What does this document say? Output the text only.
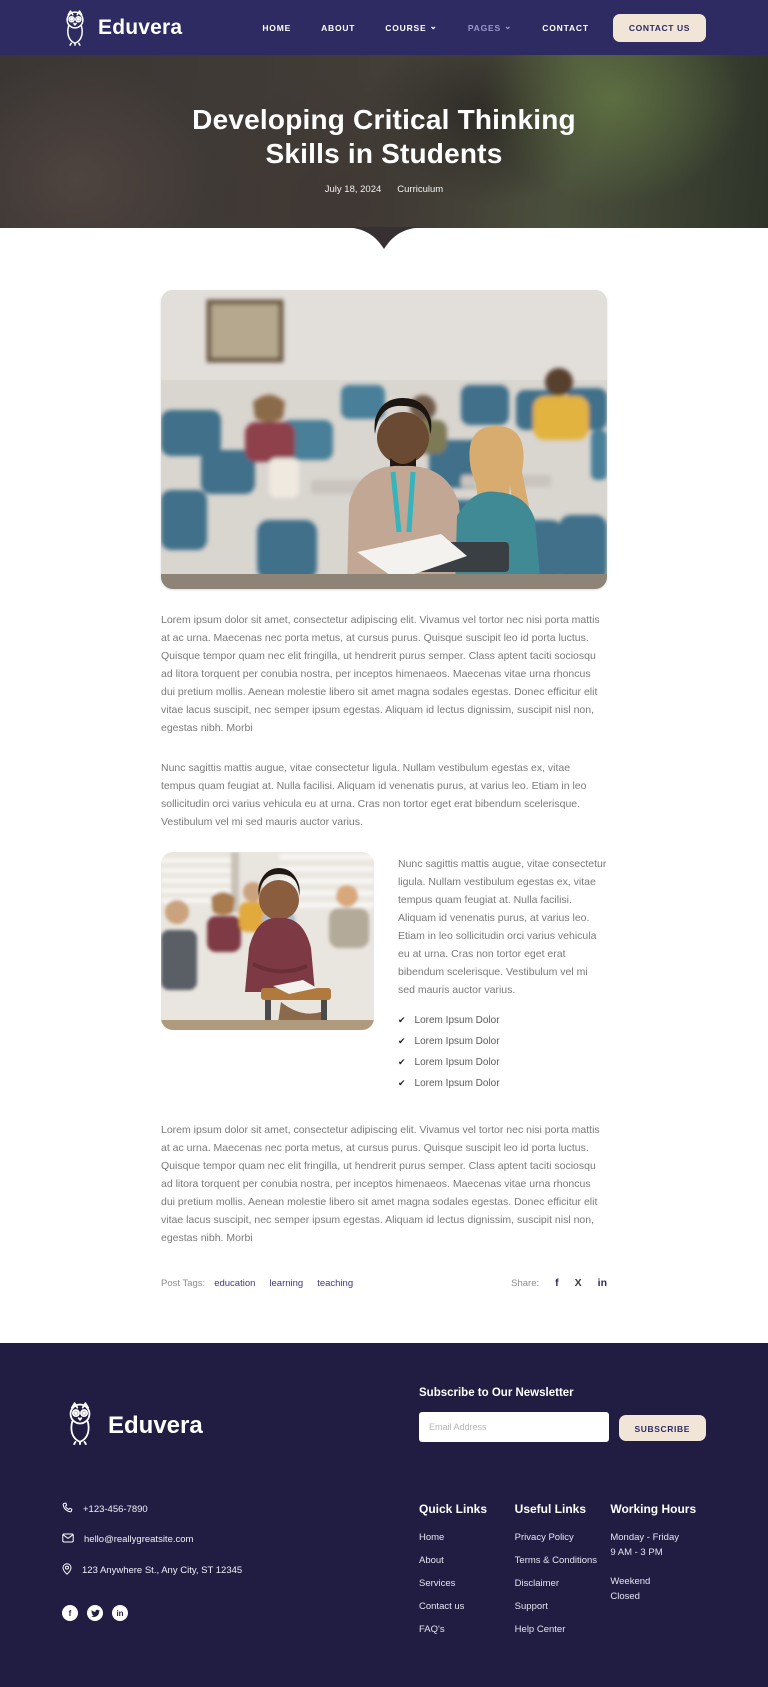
Eduvera	HOME	ABOUT	COURSE ⌄	PAGES ⌄	CONTACT	CONTACT US
Developing Critical Thinking
Skills in Students
July 18, 2024 Curriculum

Lorem ipsum dolor sit amet, consectetur adipiscing elit. Vivamus vel tortor nec nisi porta mattis at ac urna. Maecenas nec porta metus, at cursus purus. Quisque suscipit leo id porta luctus. Quisque tempor quam nec elit fringilla, ut hendrerit purus semper. Class aptent taciti sociosqu ad litora torquent per conubia nostra, per inceptos himenaeos. Maecenas vitae urna rhoncus dui pretium mollis. Aenean molestie libero sit amet magna sodales egestas. Donec efficitur elit vitae lacus suscipit, nec semper ipsum egestas. Aliquam id lectus dignissim, suscipit nisl non, egestas nibh. Morbi

Nunc sagittis mattis augue, vitae consectetur ligula. Nullam vestibulum egestas ex, vitae tempus quam feugiat at. Nulla facilisi. Aliquam id venenatis purus, at varius leo. Etiam in leo sollicitudin orci varius vehicula eu at urna. Cras non tortor eget erat bibendum scelerisque. Vestibulum vel mi sed mauris auctor varius.

Nunc sagittis mattis augue, vitae consectetur ligula. Nullam vestibulum egestas ex, vitae tempus quam feugiat at. Nulla facilisi. Aliquam id venenatis purus, at varius leo. Etiam in leo sollicitudin orci varius vehicula eu at urna. Cras non tortor eget erat bibendum scelerisque. Vestibulum vel mi sed mauris auctor varius.

✔ Lorem Ipsum Dolor
✔ Lorem Ipsum Dolor
✔ Lorem Ipsum Dolor
✔ Lorem Ipsum Dolor

Lorem ipsum dolor sit amet, consectetur adipiscing elit. Vivamus vel tortor nec nisi porta mattis at ac urna. Maecenas nec porta metus, at cursus purus. Quisque suscipit leo id porta luctus. Quisque tempor quam nec elit fringilla, ut hendrerit purus semper. Class aptent taciti sociosqu ad litora torquent per conubia nostra, per inceptos himenaeos. Maecenas vitae urna rhoncus dui pretium mollis. Aenean molestie libero sit amet magna sodales egestas. Donec efficitur elit vitae lacus suscipit, nec semper ipsum egestas. Aliquam id lectus dignissim, suscipit nisl non, egestas nibh. Morbi

Post Tags: education learning teaching	Share: f X in
Eduvera
Subscribe to Our Newsletter
Email Address
SUBSCRIBE
+123-456-7890
hello@reallygreatsite.com
123 Anywhere St., Any City, ST 12345
f	in
Quick Links
Home
About
Services
Contact us
FAQ's
Useful Links
Privacy Policy
Terms & Conditions
Disclaimer
Support
Help Center
Working Hours
Monday - Friday
9 AM - 3 PM
Weekend
Closed
